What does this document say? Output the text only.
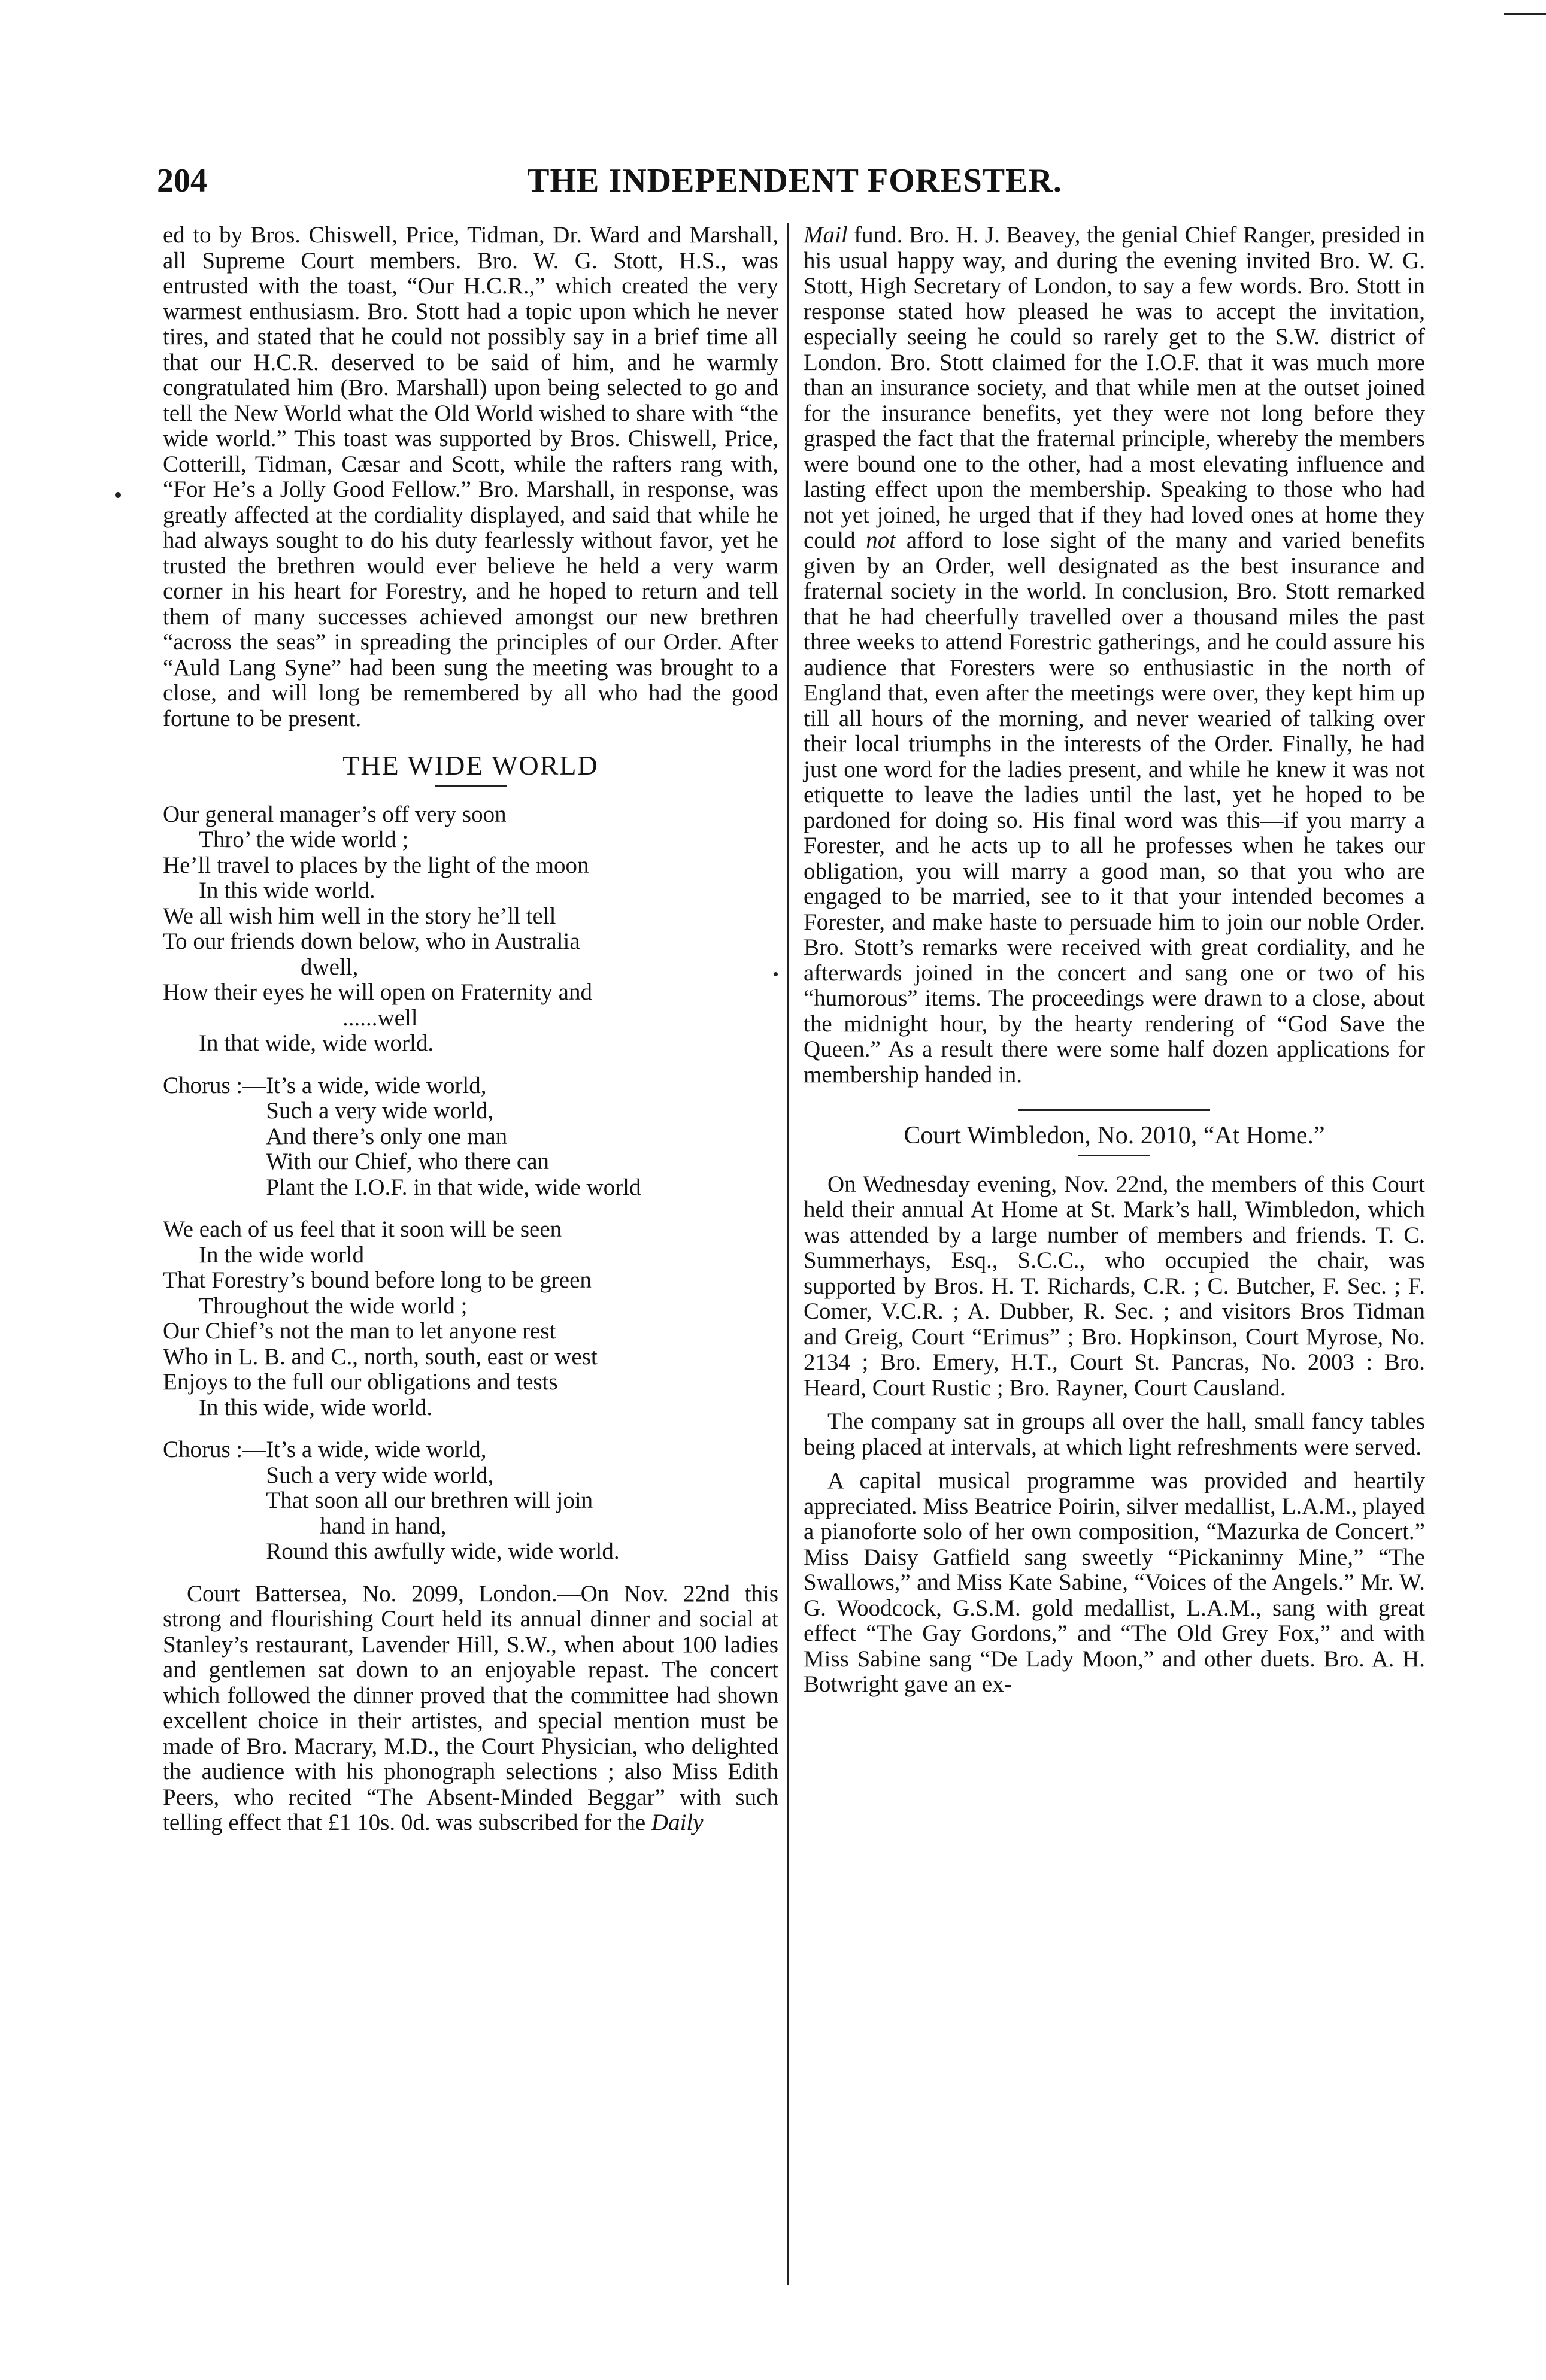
204	THE INDEPENDENT FORESTER.

ed to by Bros. Chiswell, Price, Tidman, Dr. Ward and Marshall, all Supreme Court members. Bro. W. G. Stott, H.S., was entrusted with the toast, “Our H.C.R.,” which created the very warmest enthusiasm. Bro. Stott had a topic upon which he never tires, and stated that he could not possibly say in a brief time all that our H.C.R. deserved to be said of him, and he warmly congratulated him (Bro. Marshall) upon being selected to go and tell the New World what the Old World wished to share with “the wide world.” This toast was supported by Bros. Chiswell, Price, Cotterill, Tidman, Cæsar and Scott, while the rafters rang with, “For He’s a Jolly Good Fellow.” Bro. Marshall, in response, was greatly affected at the cordiality displayed, and said that while he had always sought to do his duty fearlessly without favor, yet he trusted the brethren would ever believe he held a very warm corner in his heart for Forestry, and he hoped to return and tell them of many successes achieved amongst our new brethren “across the seas” in spreading the principles of our Order. After “Auld Lang Syne” had been sung the meeting was brought to a close, and will long be remembered by all who had the good fortune to be present.

THE WIDE WORLD
Our general manager’s off very soon
Thro’ the wide world ;
He’ll travel to places by the light of the moon
In this wide world.
We all wish him well in the story he’ll tell
To our friends down below, who in Australia
dwell,
How their eyes he will open on Fraternity and
......well
In that wide, wide world.
Chorus :— It’s a wide, wide world,
Such a very wide world,
And there’s only one man
With our Chief, who there can
Plant the I.O.F. in that wide, wide world
We each of us feel that it soon will be seen
In the wide world
That Forestry’s bound before long to be green
Throughout the wide world ;
Our Chief’s not the man to let anyone rest
Who in L. B. and C., north, south, east or west
Enjoys to the full our obligations and tests
In this wide, wide world.
Chorus :— It’s a wide, wide world,
Such a very wide world,
That soon all our brethren will join
hand in hand,
Round this awfully wide, wide world.

Court Battersea, No. 2099, London.—On Nov. 22nd this strong and flourishing Court held its annual dinner and social at Stanley’s restaurant, Lavender Hill, S.W., when about 100 ladies and gentlemen sat down to an enjoyable repast. The concert which followed the dinner proved that the committee had shown excellent choice in their artistes, and special mention must be made of Bro. Macrary, M.D., the Court Physician, who delighted the audience with his phonograph selections ; also Miss Edith Peers, who recited “The Absent-Minded Beggar” with such telling effect that £1 10s. 0d. was subscribed for the Daily

Mail fund. Bro. H. J. Beavey, the genial Chief Ranger, presided in his usual happy way, and during the evening invited Bro. W. G. Stott, High Secretary of London, to say a few words. Bro. Stott in response stated how pleased he was to accept the invitation, especially seeing he could so rarely get to the S.W. district of London. Bro. Stott claimed for the I.O.F. that it was much more than an insurance society, and that while men at the outset joined for the insurance benefits, yet they were not long before they grasped the fact that the fraternal principle, whereby the members were bound one to the other, had a most elevating influence and lasting effect upon the membership. Speaking to those who had not yet joined, he urged that if they had loved ones at home they could not afford to lose sight of the many and varied benefits given by an Order, well designated as the best insurance and fraternal society in the world. In conclusion, Bro. Stott remarked that he had cheerfully travelled over a thousand miles the past three weeks to attend Forestric gatherings, and he could assure his audience that Foresters were so enthusiastic in the north of England that, even after the meetings were over, they kept him up till all hours of the morning, and never wearied of talking over their local triumphs in the interests of the Order. Finally, he had just one word for the ladies present, and while he knew it was not etiquette to leave the ladies until the last, yet he hoped to be pardoned for doing so. His final word was this—if you marry a Forester, and he acts up to all he professes when he takes our obligation, you will marry a good man, so that you who are engaged to be married, see to it that your intended becomes a Forester, and make haste to persuade him to join our noble Order. Bro. Stott’s remarks were received with great cordiality, and he afterwards joined in the concert and sang one or two of his “humorous” items. The proceedings were drawn to a close, about the midnight hour, by the hearty rendering of “God Save the Queen.” As a result there were some half dozen applications for membership handed in.

Court Wimbledon, No. 2010, “At Home.”

On Wednesday evening, Nov. 22nd, the members of this Court held their annual At Home at St. Mark’s hall, Wimbledon, which was attended by a large number of members and friends. T. C. Summerhays, Esq., S.C.C., who occupied the chair, was supported by Bros. H. T. Richards, C.R. ; C. Butcher, F. Sec. ; F. Comer, V.C.R. ; A. Dubber, R. Sec. ; and visitors Bros Tidman and Greig, Court “Erimus” ; Bro. Hopkinson, Court Myrose, No. 2134 ; Bro. Emery, H.T., Court St. Pancras, No. 2003 : Bro. Heard, Court Rustic ; Bro. Rayner, Court Causland.

The company sat in groups all over the hall, small fancy tables being placed at intervals, at which light refreshments were served.

A capital musical programme was provided and heartily appreciated. Miss Beatrice Poirin, silver medallist, L.A.M., played a pianoforte solo of her own composition, “Mazurka de Concert.” Miss Daisy Gatfield sang sweetly “Pickaninny Mine,” “The Swallows,” and Miss Kate Sabine, “Voices of the Angels.” Mr. W. G. Woodcock, G.S.M. gold medallist, L.A.M., sang with great effect “The Gay Gordons,” and “The Old Grey Fox,” and with Miss Sabine sang “De Lady Moon,” and other duets. Bro. A. H. Botwright gave an ex-
